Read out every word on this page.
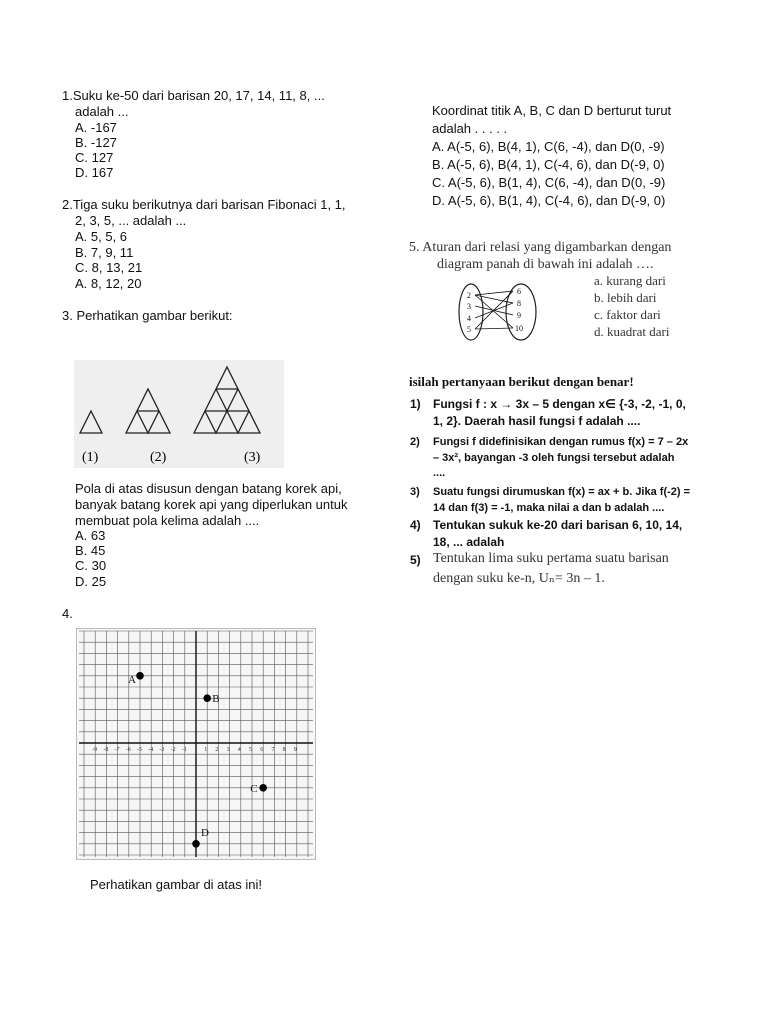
1.Suku ke-50 dari barisan 20, 17, 14, 11, 8, ...
adalah ...
A. -167
B. -127
C. 127
D. 167
2.Tiga suku berikutnya dari barisan Fibonaci 1, 1,
2, 3, 5, ... adalah ...
A. 5, 5, 6
B. 7, 9, 11
C. 8, 13, 21
A. 8, 12, 20
3. Perhatikan gambar berikut:
(1)	(2)	(3)
Pola di atas disusun dengan batang korek api,
banyak batang korek api yang diperlukan untuk
membuat pola kelima adalah ....
A. 63
B. 45
C. 30
D. 25
4.
-9 -8 -7 -6 -5 -4 -3 -2 -1	1 2 3 4 5 6 7 8 9
A
B
C
D
Perhatikan gambar di atas ini!
Koordinat titik A, B, C dan D berturut turut
adalah . . . . .
A. A(-5, 6), B(4, 1), C(6, -4), dan D(0, -9)
B. A(-5, 6), B(4, 1), C(-4, 6), dan D(-9, 0)
C. A(-5, 6), B(1, 4), C(6, -4), dan D(0, -9)
D. A(-5, 6), B(1, 4), C(-4, 6), dan D(-9, 0)
5. Aturan dari relasi yang digambarkan dengan
diagram panah di bawah ini adalah ….
2
3
4
5
6
8
9
10
a. kurang dari
b. lebih dari
c. faktor dari
d. kuadrat dari
isilah pertanyaan berikut dengan benar!
1) Fungsi f : x → 3x – 5 dengan x∈ {-3, -2, -1, 0,
1, 2}. Daerah hasil fungsi f adalah ....
2) Fungsi f didefinisikan dengan rumus f(x) = 7 – 2x
– 3x², bayangan -3 oleh fungsi tersebut adalah
....
3) Suatu fungsi dirumuskan f(x) = ax + b. Jika f(-2) =
14 dan f(3) = -1, maka nilai a dan b adalah ....
4) Tentukan sukuk ke-20 dari barisan 6, 10, 14,
18, ... adalah
5) Tentukan lima suku pertama suatu barisan
dengan suku ke-n, Uₙ= 3n – 1.
